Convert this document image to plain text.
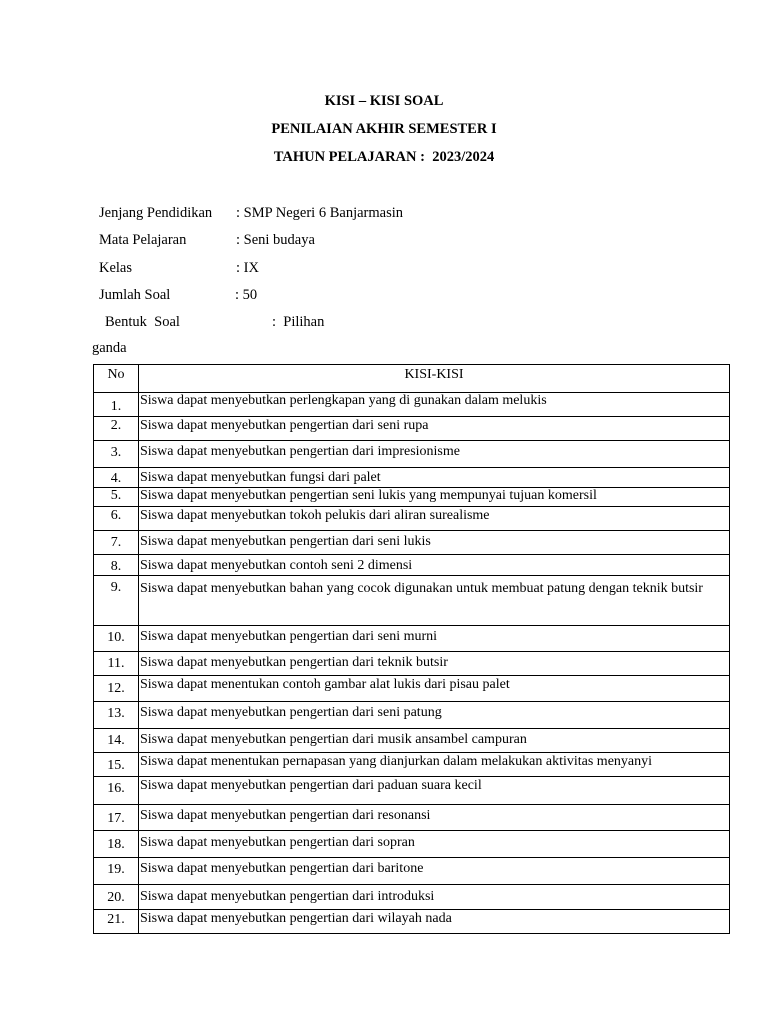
KISI – KISI SOAL
PENILAIAN AKHIR SEMESTER I
TAHUN PELAJARAN :  2023/2024

Jenjang Pendidikan

: SMP Negeri 6 Banjarmasin

Mata Pelajaran

	: Seni budaya

Kelas

	: IX

Jumlah Soal

	: 50

Bentuk  Soal

	:  Pilihan

ganda
No	KISI-KISI

1.	Siswa dapat menyebutkan perlengkapan yang di gunakan dalam melukis

2.	Siswa dapat menyebutkan pengertian dari seni rupa

3.	Siswa dapat menyebutkan pengertian dari impresionisme

4.	Siswa dapat menyebutkan fungsi dari palet

5.	Siswa dapat menyebutkan pengertian seni lukis yang mempunyai tujuan komersil

6.	Siswa dapat menyebutkan tokoh pelukis dari aliran surealisme

7.	Siswa dapat menyebutkan pengertian dari seni lukis

8.	Siswa dapat menyebutkan contoh seni 2 dimensi

9.	Siswa dapat menyebutkan bahan yang cocok digunakan untuk membuat patung dengan teknik butsir

10.	Siswa dapat menyebutkan pengertian dari seni murni

11.	Siswa dapat menyebutkan pengertian dari teknik butsir

12.	Siswa dapat menentukan contoh gambar alat lukis dari pisau palet

13.	Siswa dapat menyebutkan pengertian dari seni patung

14.	Siswa dapat menyebutkan pengertian dari musik ansambel campuran

15.	Siswa dapat menentukan pernapasan yang dianjurkan dalam melakukan aktivitas menyanyi

16.	Siswa dapat menyebutkan pengertian dari paduan suara kecil

17.	Siswa dapat menyebutkan pengertian dari resonansi

18.	Siswa dapat menyebutkan pengertian dari sopran

19.	Siswa dapat menyebutkan pengertian dari baritone

20.	Siswa dapat menyebutkan pengertian dari introduksi

21.	Siswa dapat menyebutkan pengertian dari wilayah nada
